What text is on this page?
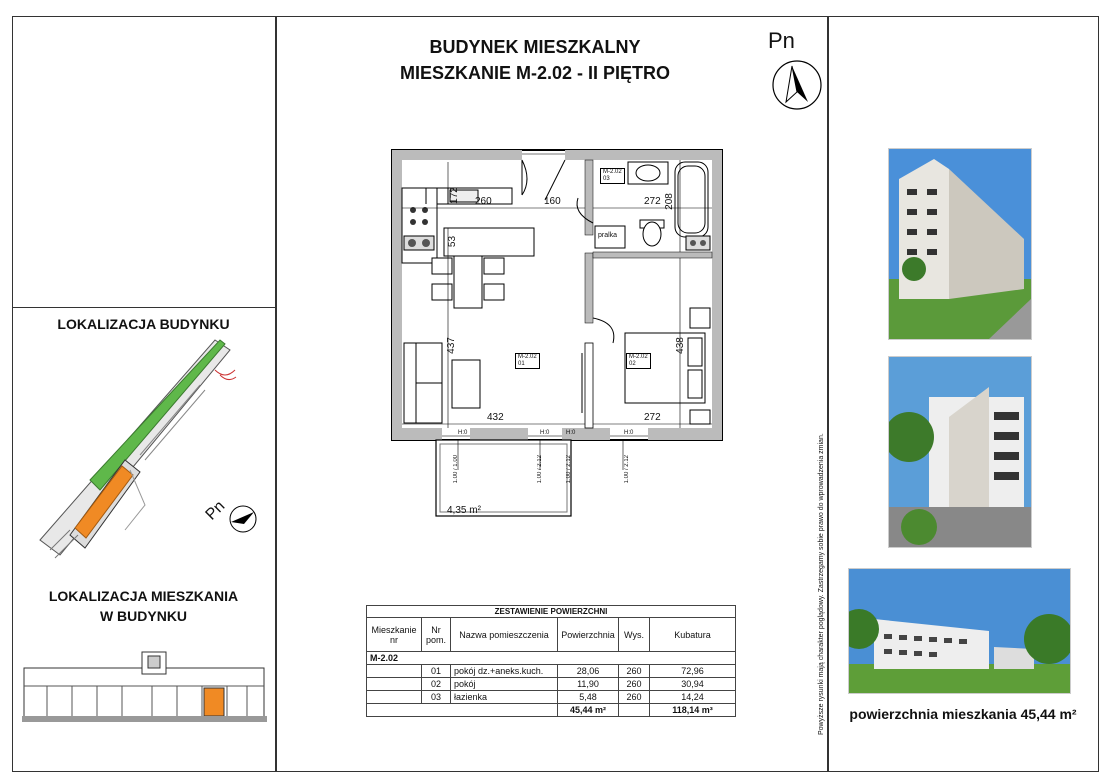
BUDYNEK MIESZKALNY
MIESZKANIE M-2.02 - II PIĘTRO
Pn
LOKALIZACJA BUDYNKU
Pn
LOKALIZACJA MIESZKANIA
W BUDYNKU
172 260	160	272 208
53
437
432
438
272
M-2.02
01
M-2.02
02
M-2.02
03
pralka
4,35 m²
H:0
1.00 / 1.00
H:0
1.00 / 2.12
H:0
1.00 / 2.12
H:0
1.00 / 2.12
ZESTAWIENIE POWIERZCHNI					
Mieszkanie nr	Nr pom.	Nazwa pomieszczenia	Powierzchnia	Wys.	Kubatura
M-2.02					
	01	pokój dz.+aneks.kuch.	28,06	260	72,96
	02	pokój	11,90	260	30,94
	03	łazienka	5,48	260	14,24
			45,44 m²		118,14 m³	Powyższe rysunki mają charakter poglądowy. Zastrzegamy sobie prawo do wprowadzenia zmian.	powierzchnia mieszkania 45,44 m²
